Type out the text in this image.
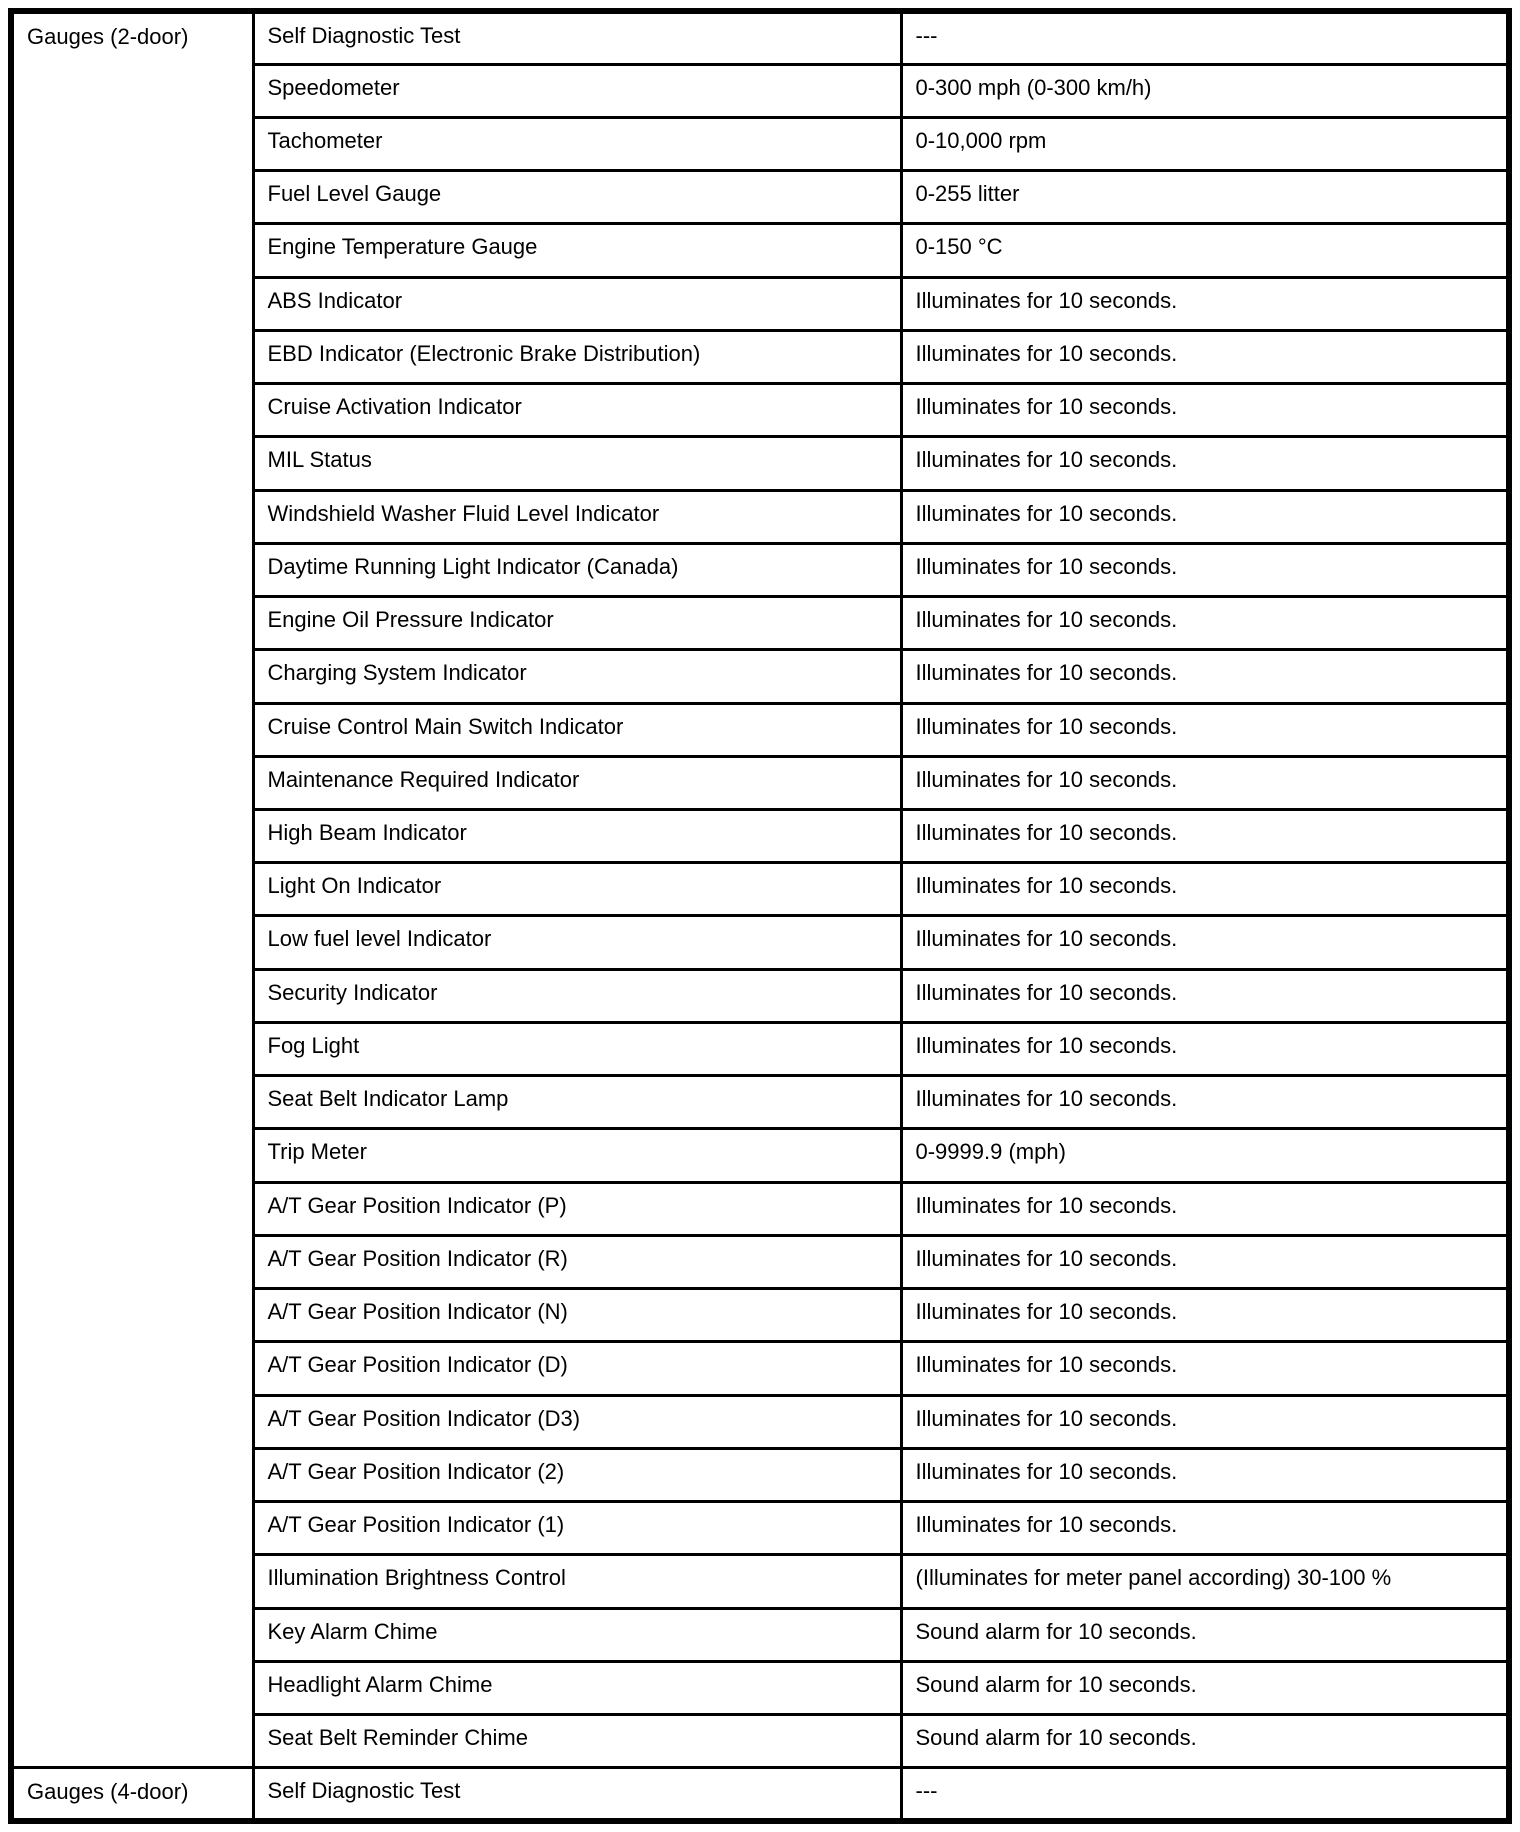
Gauges (2-door)	Self Diagnostic Test	---
	Speedometer	0-300 mph (0-300 km/h)
	Tachometer	0-10,000 rpm
	Fuel Level Gauge	0-255 litter
	Engine Temperature Gauge	0-150 °C
	ABS Indicator	Illuminates for 10 seconds.
	EBD Indicator (Electronic Brake Distribution)	Illuminates for 10 seconds.
	Cruise Activation Indicator	Illuminates for 10 seconds.
	MIL Status	Illuminates for 10 seconds.
	Windshield Washer Fluid Level Indicator	Illuminates for 10 seconds.
	Daytime Running Light Indicator (Canada)	Illuminates for 10 seconds.
	Engine Oil Pressure Indicator	Illuminates for 10 seconds.
	Charging System Indicator	Illuminates for 10 seconds.
	Cruise Control Main Switch Indicator	Illuminates for 10 seconds.
	Maintenance Required Indicator	Illuminates for 10 seconds.
	High Beam Indicator	Illuminates for 10 seconds.
	Light On Indicator	Illuminates for 10 seconds.
	Low fuel level Indicator	Illuminates for 10 seconds.
	Security Indicator	Illuminates for 10 seconds.
	Fog Light	Illuminates for 10 seconds.
	Seat Belt Indicator Lamp	Illuminates for 10 seconds.
	Trip Meter	0-9999.9 (mph)
	A/T Gear Position Indicator (P)	Illuminates for 10 seconds.
	A/T Gear Position Indicator (R)	Illuminates for 10 seconds.
	A/T Gear Position Indicator (N)	Illuminates for 10 seconds.
	A/T Gear Position Indicator (D)	Illuminates for 10 seconds.
	A/T Gear Position Indicator (D3)	Illuminates for 10 seconds.
	A/T Gear Position Indicator (2)	Illuminates for 10 seconds.
	A/T Gear Position Indicator (1)	Illuminates for 10 seconds.
	Illumination Brightness Control	(Illuminates for meter panel according) 30-100 %
	Key Alarm Chime	Sound alarm for 10 seconds.
	Headlight Alarm Chime	Sound alarm for 10 seconds.
	Seat Belt Reminder Chime	Sound alarm for 10 seconds.
Gauges (4-door)	Self Diagnostic Test	---
